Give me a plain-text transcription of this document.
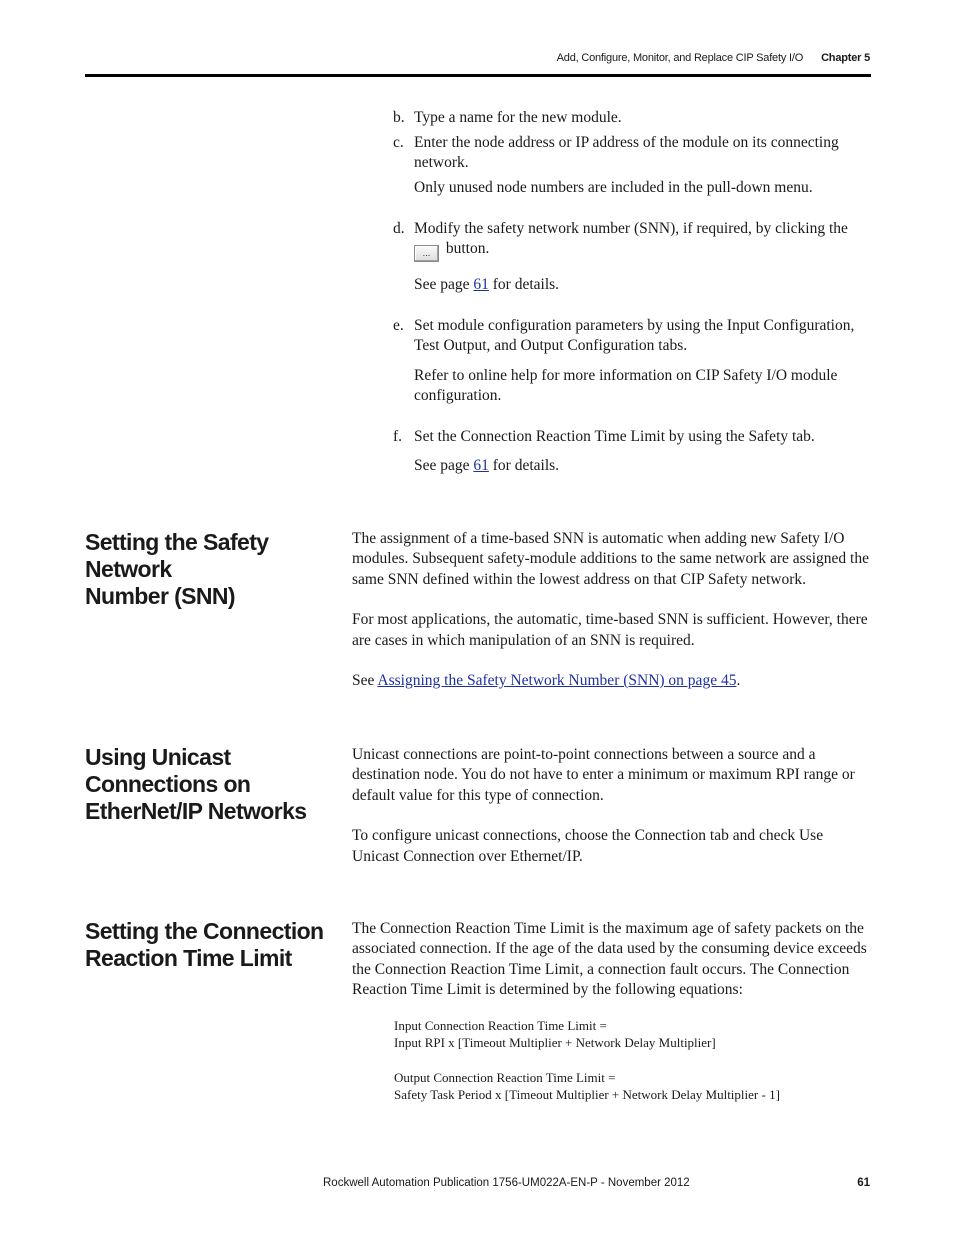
Add, Configure, Monitor, and Replace CIP Safety I/O Chapter 5
b. Type a name for the new module.
c. Enter the node address or IP address of the module on its connecting network.
Only unused node numbers are included in the pull-down menu.
d. Modify the safety network number (SNN), if required, by clicking the
... button.
See page 61 for details.
e. Set module configuration parameters by using the Input Configuration, Test Output, and Output Configuration tabs.
Refer to online help for more information on CIP Safety I/O module configuration.
f. Set the Connection Reaction Time Limit by using the Safety tab.
See page 61 for details.
Setting the Safety Network
Number (SNN)

The assignment of a time-based SNN is automatic when adding new Safety I/O modules. Subsequent safety-module additions to the same network are assigned the same SNN defined within the lowest address on that CIP Safety network.

For most applications, the automatic, time-based SNN is sufficient. However, there are cases in which manipulation of an SNN is required.

See Assigning the Safety Network Number (SNN) on page 45.

Using Unicast Connections on
EtherNet/IP Networks

Unicast connections are point-to-point connections between a source and a destination node. You do not have to enter a minimum or maximum RPI range or default value for this type of connection.

To configure unicast connections, choose the Connection tab and check Use Unicast Connection over Ethernet/IP.

Setting the Connection
Reaction Time Limit

The Connection Reaction Time Limit is the maximum age of safety packets on the associated connection. If the age of the data used by the consuming device exceeds the Connection Reaction Time Limit, a connection fault occurs. The Connection Reaction Time Limit is determined by the following equations:

Input Connection Reaction Time Limit =
Input RPI x [Timeout Multiplier + Network Delay Multiplier]
Output Connection Reaction Time Limit =
Safety Task Period x [Timeout Multiplier + Network Delay Multiplier - 1]
Rockwell Automation Publication 1756-UM022A-EN-P - November 2012	61
